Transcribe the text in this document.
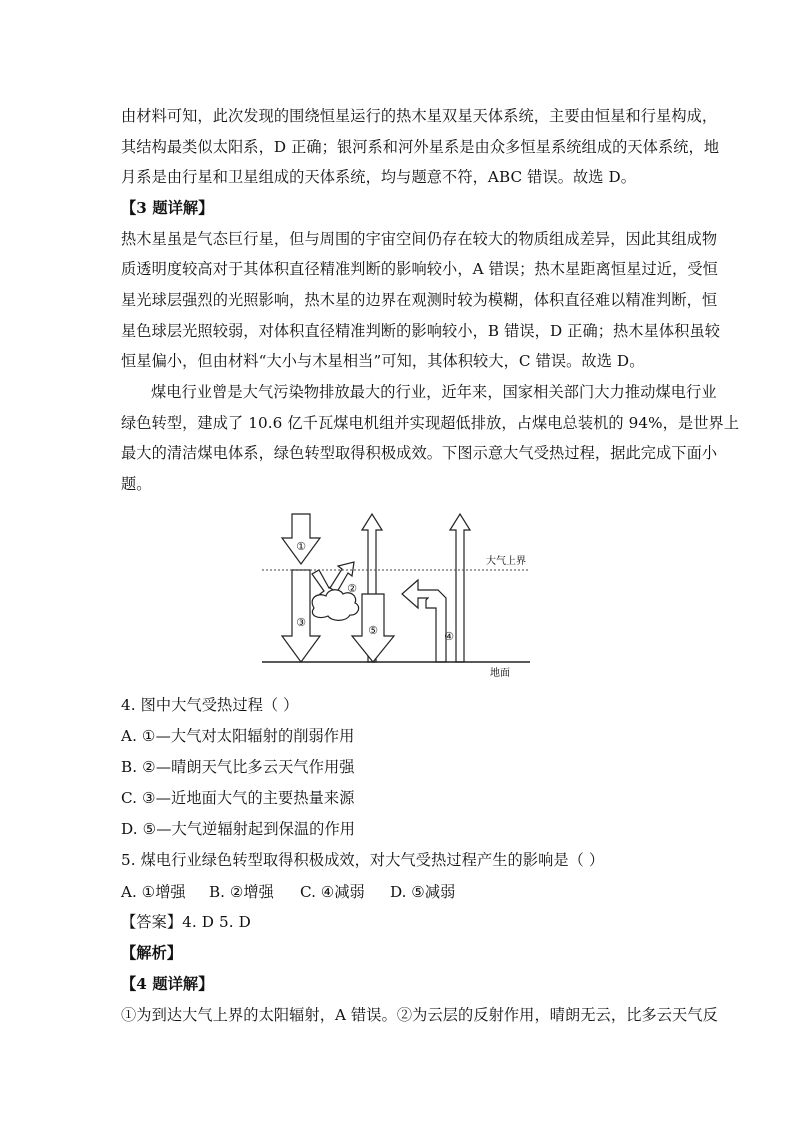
由材料可知，此次发现的围绕恒星运行的热木星双星天体系统，主要由恒星和行星构成，
其结构最类似太阳系，D 正确；银河系和河外星系是由众多恒星系统组成的天体系统，地
月系是由行星和卫星组成的天体系统，均与题意不符，ABC 错误。故选 D。
【3 题详解】
热木星虽是气态巨行星，但与周围的宇宙空间仍存在较大的物质组成差异，因此其组成物
质透明度较高对于其体积直径精准判断的影响较小，A 错误；热木星距离恒星过近，受恒
星光球层强烈的光照影响，热木星的边界在观测时较为模糊，体积直径难以精准判断，恒
星色球层光照较弱，对体积直径精准判断的影响较小，B 错误，D 正确；热木星体积虽较
恒星偏小，但由材料“大小与木星相当”可知，其体积较大，C 错误。故选 D。
煤电行业曾是大气污染物排放最大的行业，近年来，国家相关部门大力推动煤电行业
绿色转型，建成了 10.6 亿千瓦煤电机组并实现超低排放，占煤电总装机的 94%，是世界上
最大的清洁煤电体系，绿色转型取得积极成效。下图示意大气受热过程，据此完成下面小
题。
①
②
③
④
⑤
大气上界
地面
4. 图中大气受热过程（ ）
A. ①—大气对太阳辐射的削弱作用
B. ②—晴朗天气比多云天气作用强
C. ③—近地面大气的主要热量来源
D. ⑤—大气逆辐射起到保温的作用
5. 煤电行业绿色转型取得积极成效，对大气受热过程产生的影响是（ ）
A. ①增强 B. ②增强 C. ④减弱 D. ⑤减弱
【答案】4. D 5. D
【解析】
【4 题详解】
①为到达大气上界的太阳辐射，A 错误。②为云层的反射作用，晴朗无云，比多云天气反
